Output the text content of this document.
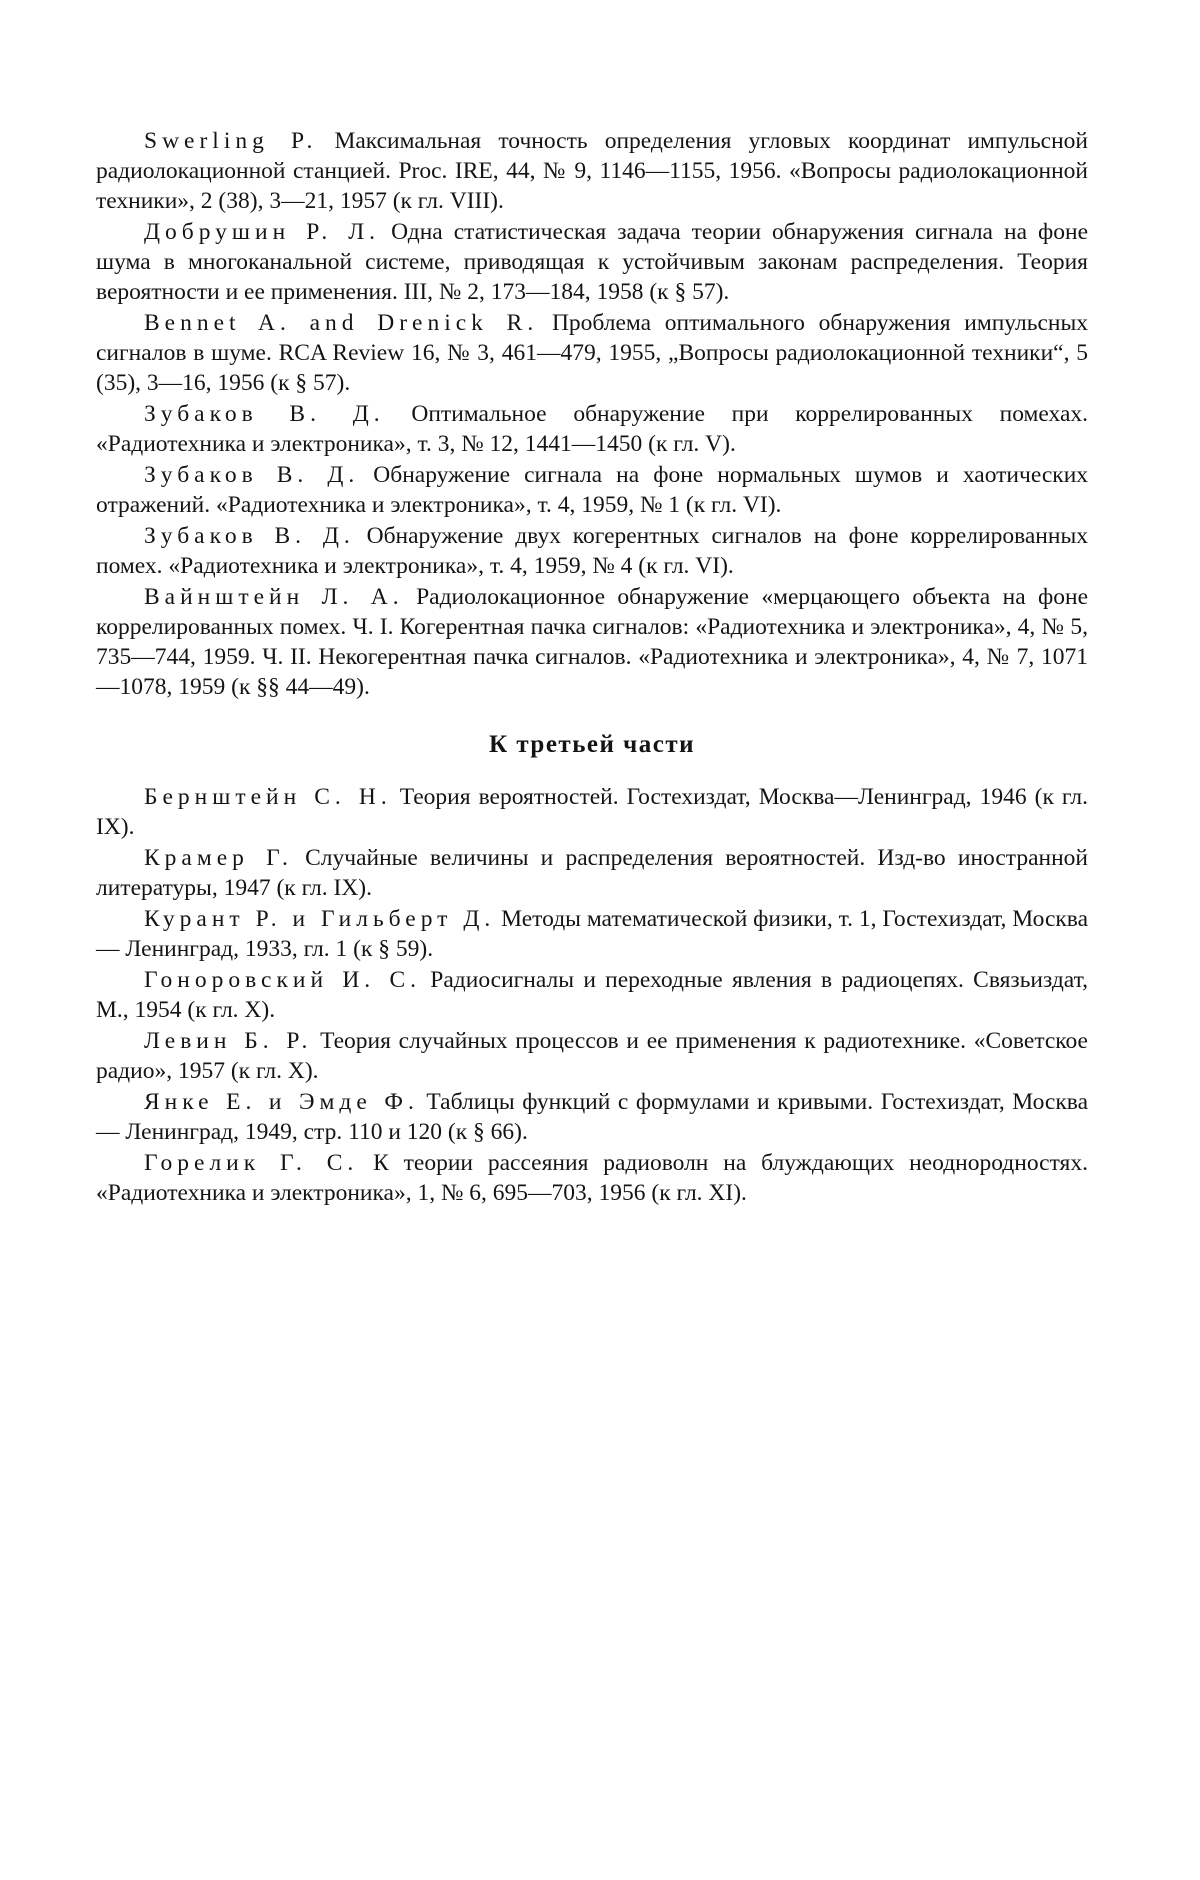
Swerling P. Максимальная точность определения угловых координат импульсной радиолокационной станцией. Proc. IRE, 44, № 9, 1146—1155, 1956. «Вопросы радиолокационной техники», 2 (38), 3—21, 1957 (к гл. VIII).

Добрушин Р. Л. Одна статистическая задача теории обнаружения сигнала на фоне шума в многоканальной системе, приводящая к устойчивым законам распределения. Теория вероятности и ее применения. III, № 2, 173—184, 1958 (к § 57).

Bennet A. and Drenick R. Проблема оптимального обнаружения импульсных сигналов в шуме. RCA Review 16, № 3, 461—479, 1955, „Вопросы радиолокационной техники“, 5 (35), 3—16, 1956 (к § 57).

Зубаков В. Д. Оптимальное обнаружение при коррелированных помехах. «Радиотехника и электроника», т. 3, № 12, 1441—1450 (к гл. V).

Зубаков В. Д. Обнаружение сигнала на фоне нормальных шумов и хаотических отражений. «Радиотехника и электроника», т. 4, 1959, № 1 (к гл. VI).

Зубаков В. Д. Обнаружение двух когерентных сигналов на фоне коррелированных помех. «Радиотехника и электроника», т. 4, 1959, № 4 (к гл. VI).

Вайнштейн Л. А. Радиолокационное обнаружение «мерцающего объекта на фоне коррелированных помех. Ч. I. Когерентная пачка сигналов: «Радиотехника и электроника», 4, № 5, 735—744, 1959. Ч. II. Некогерентная пачка сигналов. «Радиотехника и электроника», 4, № 7, 1071—1078, 1959 (к §§ 44—49).

К третьей части

Бернштейн С. Н. Теория вероятностей. Гостехиздат, Москва—Ленинград, 1946 (к гл. IX).

Крамер Г. Случайные величины и распределения вероятностей. Изд-во иностранной литературы, 1947 (к гл. IX).

Курант Р. и Гильберт Д. Методы математической физики, т. 1, Гостехиздат, Москва — Ленинград, 1933, гл. 1 (к § 59).

Гоноровский И. С. Радиосигналы и переходные явления в радиоцепях. Связьиздат, М., 1954 (к гл. X).

Левин Б. Р. Теория случайных процессов и ее применения к радиотехнике. «Советское радио», 1957 (к гл. X).

Янке Е. и Эмде Ф. Таблицы функций с формулами и кривыми. Гостехиздат, Москва — Ленинград, 1949, стр. 110 и 120 (к § 66).

Горелик Г. С. К теории рассеяния радиоволн на блуждающих неоднородностях. «Радиотехника и электроника», 1, № 6, 695—703, 1956 (к гл. XI).
